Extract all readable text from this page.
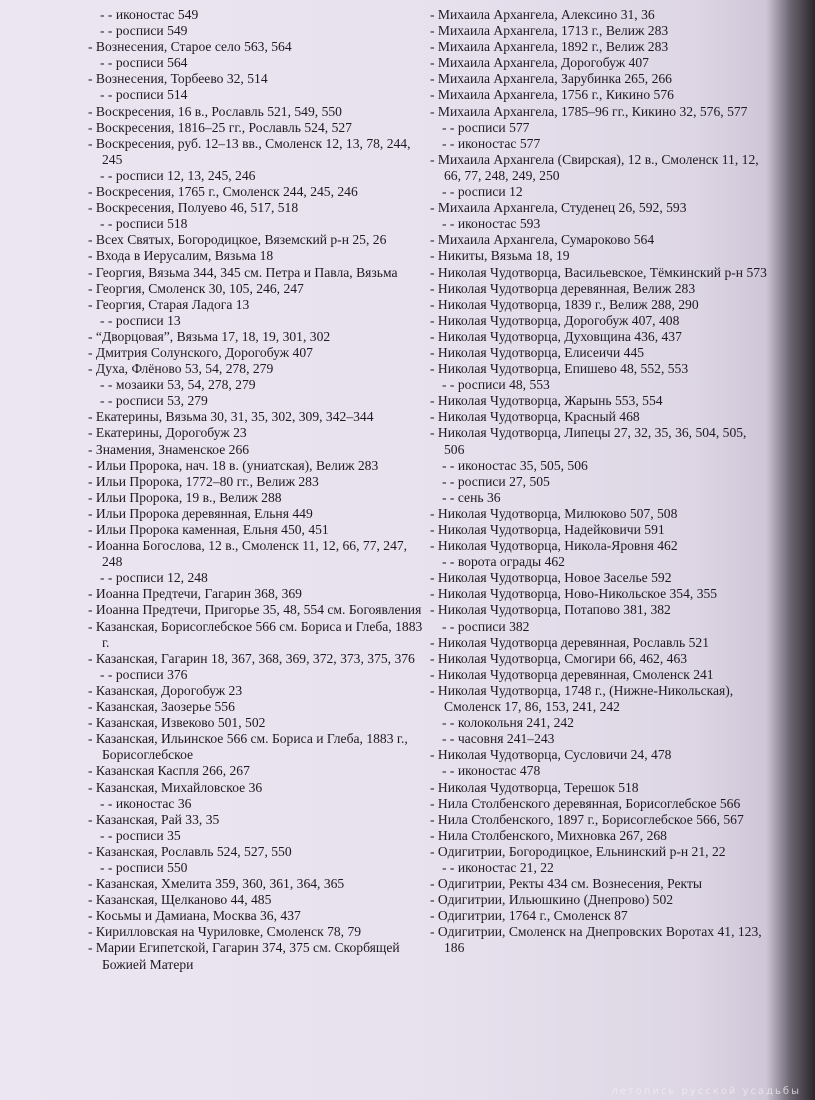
- - иконостас 549
- - росписи 549
- Вознесения, Старое село 563, 564
- - росписи 564
- Вознесения, Торбеево 32, 514
- - росписи 514
- Воскресения, 16 в., Рославль 521, 549, 550
- Воскресения, 1816–25 гг., Рославль 524, 527
- Воскресения, руб. 12–13 вв., Смоленск 12, 13, 78, 244, 245
- - росписи 12, 13, 245, 246
- Воскресения, 1765 г., Смоленск 244, 245, 246
- Воскресения, Полуево 46, 517, 518
- - росписи 518
- Всех Святых, Богородицкое, Вяземский р-н 25, 26
- Входа в Иерусалим, Вязьма 18
- Георгия, Вязьма 344, 345 см. Петра и Павла, Вязьма
- Георгия, Смоленск 30, 105, 246, 247
- Георгия, Старая Ладога 13
- - росписи 13
- “Дворцовая”, Вязьма 17, 18, 19, 301, 302
- Дмитрия Солунского, Дорогобуж 407
- Духа, Флёново 53, 54, 278, 279
- - мозаики 53, 54, 278, 279
- - росписи 53, 279
- Екатерины, Вязьма 30, 31, 35, 302, 309, 342–344
- Екатерины, Дорогобуж 23
- Знамения, Знаменское 266
- Ильи Пророка, нач. 18 в. (униатская), Велиж 283
- Ильи Пророка, 1772–80 гг., Велиж 283
- Ильи Пророка, 19 в., Велиж 288
- Ильи Пророка деревянная, Ельня 449
- Ильи Пророка каменная, Ельня 450, 451
- Иоанна Богослова, 12 в., Смоленск 11, 12, 66, 77, 247, 248
- - росписи 12, 248
- Иоанна Предтечи, Гагарин 368, 369
- Иоанна Предтечи, Пригорье 35, 48, 554 см. Богоявления
- Казанская, Борисоглебское 566 см. Бориса и Глеба, 1883 г.
- Казанская, Гагарин 18, 367, 368, 369, 372, 373, 375, 376
- - росписи 376
- Казанская, Дорогобуж 23
- Казанская, Заозерье 556
- Казанская, Извеково 501, 502
- Казанская, Ильинское 566 см. Бориса и Глеба, 1883 г., Борисоглебское
- Казанская Каспля 266, 267
- Казанская, Михайловское 36
- - иконостас 36
- Казанская, Рай 33, 35
- - росписи 35
- Казанская, Рославль 524, 527, 550
- - росписи 550
- Казанская, Хмелита 359, 360, 361, 364, 365
- Казанская, Щелканово 44, 485
- Косьмы и Дамиана, Москва 36, 437
- Кирилловская на Чуриловке, Смоленск 78, 79
- Марии Египетской, Гагарин 374, 375 см. Скорбящей Божией Матери
- Михаила Архангела, Алексино 31, 36
- Михаила Архангела, 1713 г., Велиж 283
- Михаила Архангела, 1892 г., Велиж 283
- Михаила Архангела, Дорогобуж 407
- Михаила Архангела, Зарубинка 265, 266
- Михаила Архангела, 1756 г., Кикино 576
- Михаила Архангела, 1785–96 гг., Кикино 32, 576, 577
- - росписи 577
- - иконостас 577
- Михаила Архангела (Свирская), 12 в., Смоленск 11, 12, 66, 77, 248, 249, 250
- - росписи 12
- Михаила Архангела, Студенец 26, 592, 593
- - иконостас 593
- Михаила Архангела, Сумароково 564
- Никиты, Вязьма 18, 19
- Николая Чудотворца, Васильевское, Тёмкинский р-н 573
- Николая Чудотворца деревянная, Велиж 283
- Николая Чудотворца, 1839 г., Велиж 288, 290
- Николая Чудотворца, Дорогобуж 407, 408
- Николая Чудотворца, Духовщина 436, 437
- Николая Чудотворца, Елисеичи 445
- Николая Чудотворца, Епишево 48, 552, 553
- - росписи 48, 553
- Николая Чудотворца, Жарынь 553, 554
- Николая Чудотворца, Красный 468
- Николая Чудотворца, Липецы 27, 32, 35, 36, 504, 505, 506
- - иконостас 35, 505, 506
- - росписи 27, 505
- - сень 36
- Николая Чудотворца, Милюково 507, 508
- Николая Чудотворца, Надейковичи 591
- Николая Чудотворца, Никола-Яровня 462
- - ворота ограды 462
- Николая Чудотворца, Новое Заселье 592
- Николая Чудотворца, Ново-Никольское 354, 355
- Николая Чудотворца, Потапово 381, 382
- - росписи 382
- Николая Чудотворца деревянная, Рославль 521
- Николая Чудотворца, Смогири 66, 462, 463
- Николая Чудотворца деревянная, Смоленск 241
- Николая Чудотворца, 1748 г., (Нижне-Никольская), Смоленск 17, 86, 153, 241, 242
- - колокольня 241, 242
- - часовня 241–243
- Николая Чудотворца, Сусловичи 24, 478
- - иконостас 478
- Николая Чудотворца, Терешок 518
- Нила Столбенского деревянная, Борисоглебское 566
- Нила Столбенского, 1897 г., Борисоглебское 566, 567
- Нила Столбенского, Михновка 267, 268
- Одигитрии, Богородицкое, Ельнинский р-н 21, 22
- - иконостас 21, 22
- Одигитрии, Ректы 434 см. Вознесения, Ректы
- Одигитрии, Ильюшкино (Днепрово) 502
- Одигитрии, 1764 г., Смоленск 87
- Одигитрии, Смоленск на Днепровских Воротах 41, 123, 186
летопись русской усадьбы
